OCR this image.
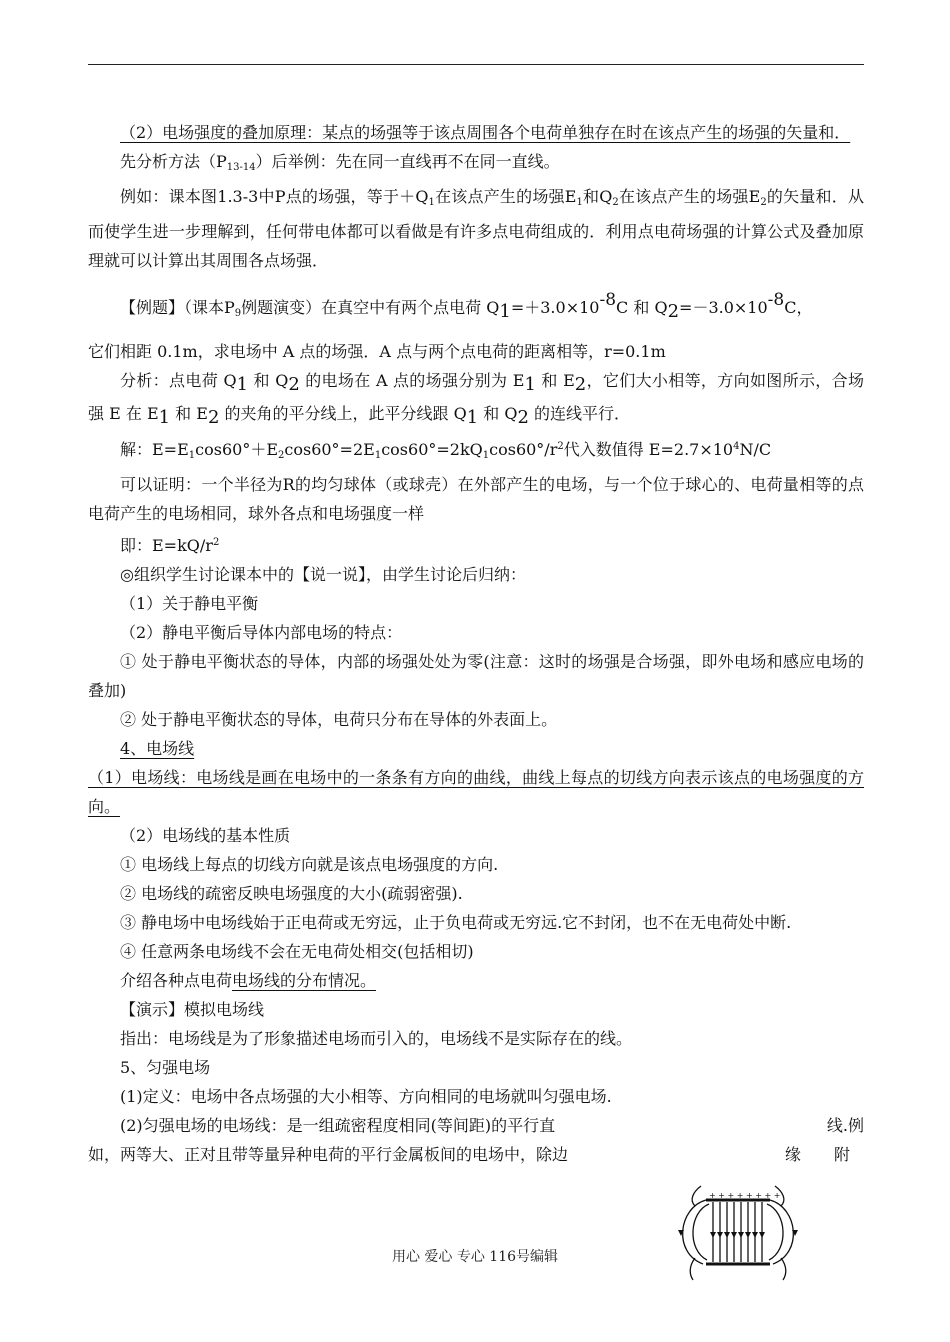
（2）电场强度的叠加原理：某点的场强等于该点周围各个电荷单独存在时在该点产生的场强的矢量和．

先分析方法$(P_{13-14})$后举例：先在同一直线再不在同一直线。

例如：课本图1.3-3中P点的场强，等于$+Q_1$在该点产生的场强$E_1$和$Q_2$在该点产生的场强$E_2$的矢量和．从而使学生进一步理解到，任何带电体都可以看做是有许多点电荷组成的．利用点电荷场强的计算公式及叠加原理就可以计算出其周围各点场强．

【例题】（课本$P_9$例题演变）在真空中有两个点电荷 Q1=＋3.0×10-8C 和 Q2=－3.0×10-8C，

它们相距 0.1m，求电场中 A 点的场强．A 点与两个点电荷的距离相等，r=0.1m

分析：点电荷 Q1 和 Q2 的电场在 A 点的场强分别为 E1 和 E2，它们大小相等，方向如图所示，合场强 E 在 E1 和 E2 的夹角的平分线上，此平分线跟 Q1 和 Q2 的连线平行．

解：$E=E_1\cos 60^\circ+E_2\cos 60^\circ=2E_1\cos 60^\circ=2kQ_1\cos 60^\circ/r^2$代入数值得 $E=2.7\times 10^4N/C$

可以证明：一个半径为R的均匀球体（或球壳）在外部产生的电场，与一个位于球心的、电荷量相等的点电荷产生的电场相同，球外各点和电场强度一样

即：$E=kQ/r^2$

◎组织学生讨论课本中的【说一说】，由学生讨论后归纳：

（1）关于静电平衡

（2）静电平衡后导体内部电场的特点：

① 处于静电平衡状态的导体，内部的场强处处为零(注意：这时的场强是合场强，即外电场和感应电场的叠加)

② 处于静电平衡状态的导体，电荷只分布在导体的外表面上。

4、电场线

（1）电场线：电场线是画在电场中的一条条有方向的曲线，曲线上每点的切线方向表示该点的电场强度的方向。

（2）电场线的基本性质

① 电场线上每点的切线方向就是该点电场强度的方向.

② 电场线的疏密反映电场强度的大小(疏弱密强).

③ 静电场中电场线始于正电荷或无穷远，止于负电荷或无穷远.它不封闭，也不在无电荷处中断.

④ 任意两条电场线不会在无电荷处相交(包括相切)

介绍各种点电荷电场线的分布情况。

【演示】模拟电场线

指出：电场线是为了形象描述电场而引入的，电场线不是实际存在的线。

5、匀强电场

(1)定义：电场中各点场强的大小相等、方向相同的电场就叫匀强电场.

(2)匀强电场的电场线：是一组疏密程度相同(等间距)的平行直	线.例

如，两等大、正对且带等量异种电荷的平行金属板间的电场中，除边	缘 附
+ + + + + + + +
用心 爱心 专心 116号编辑
